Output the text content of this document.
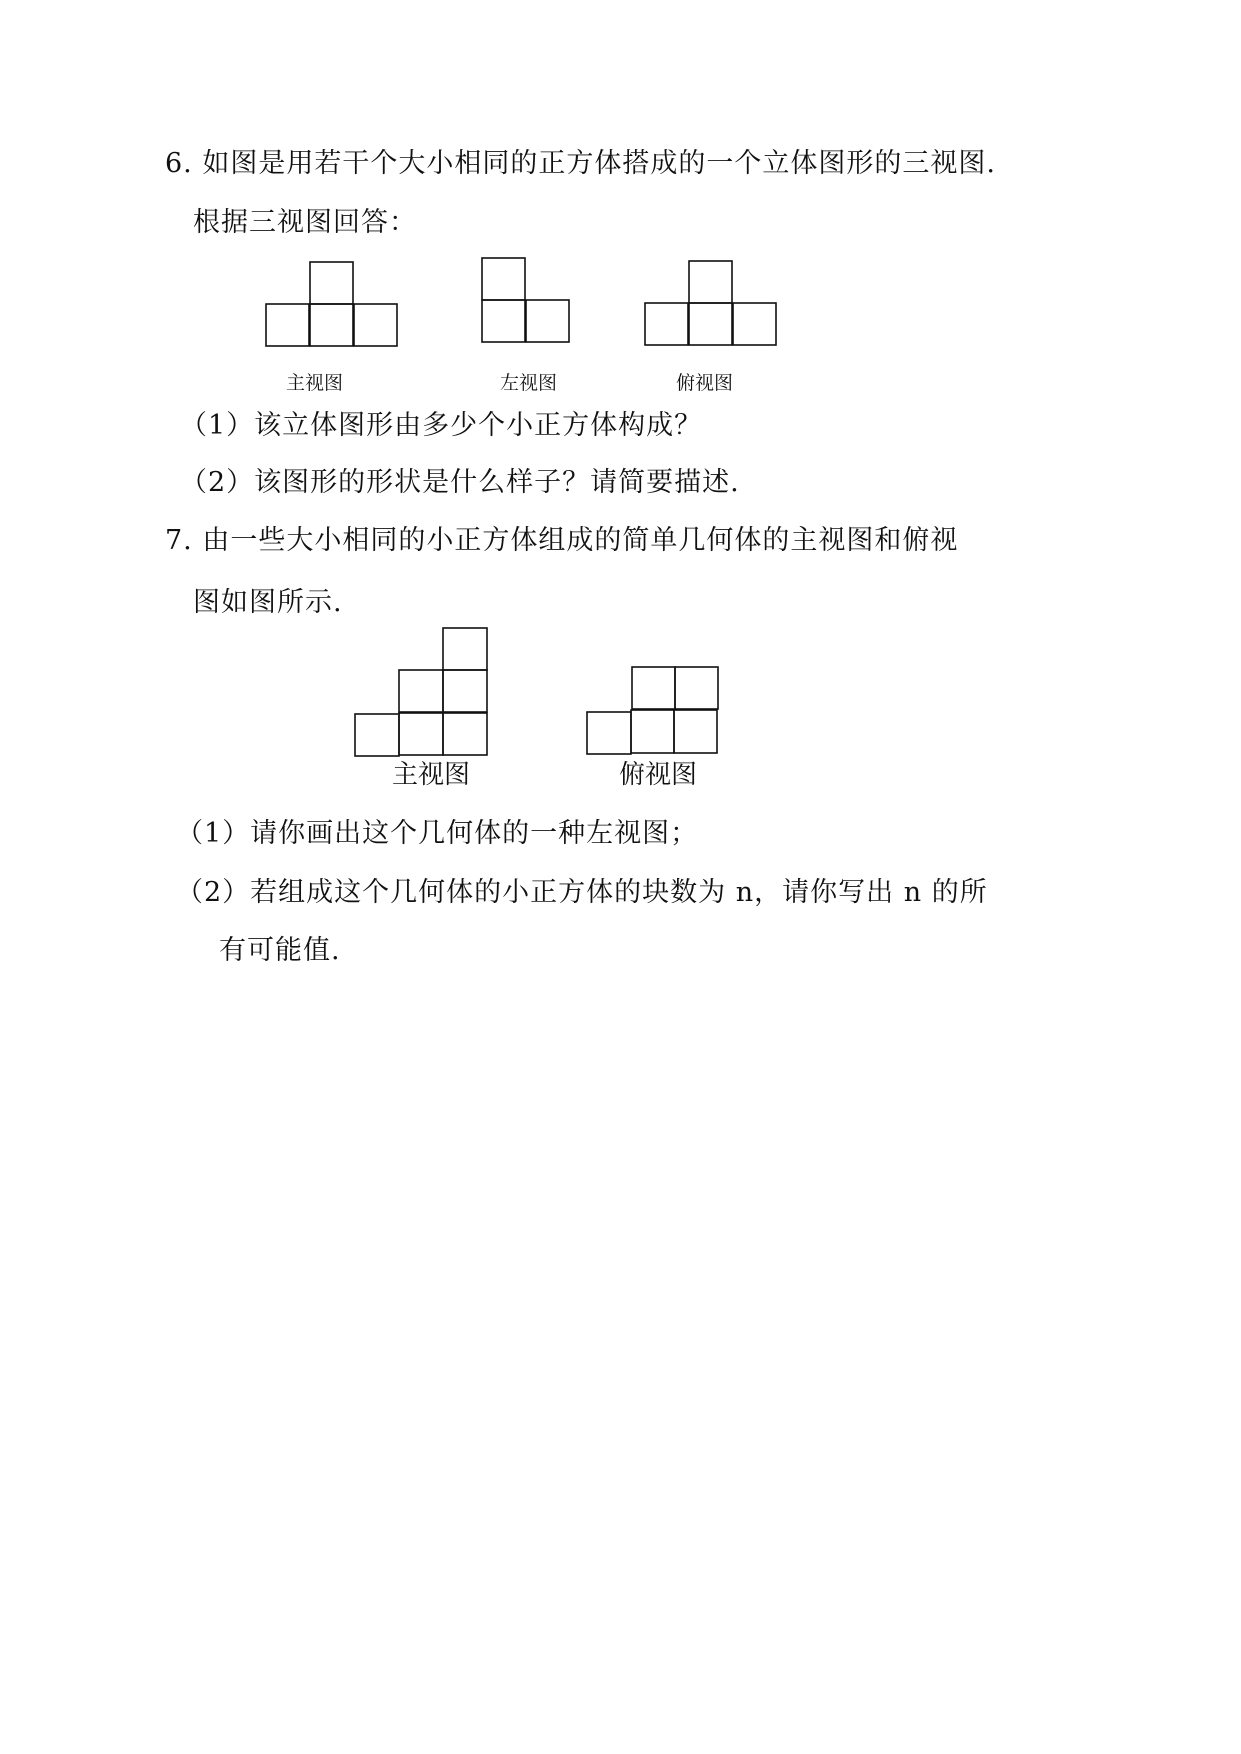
6. 如图是用若干个大小相同的正方体搭成的一个立体图形的三视图.
根据三视图回答：
主视图	左视图	俯视图
（1）该立体图形由多少个小正方体构成？
（2）该图形的形状是什么样子？请简要描述.
7. 由一些大小相同的小正方体组成的简单几何体的主视图和俯视
图如图所示.
主视图	俯视图
（1）请你画出这个几何体的一种左视图；
（2）若组成这个几何体的小正方体的块数为 n，请你写出 n 的所
有可能值.
